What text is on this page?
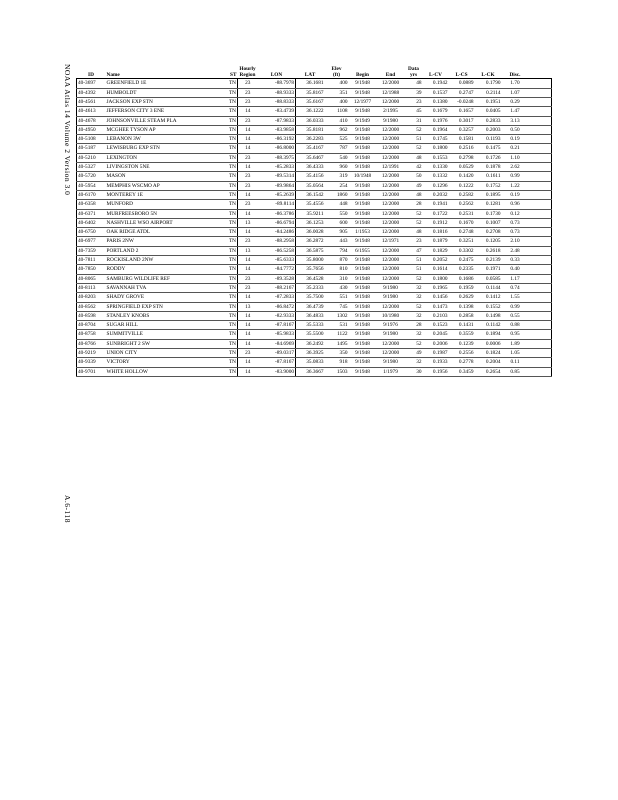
NOAA Atlas 14 Volume 2 Version 3.0
A.6-118
			Hourly			Elev			Data					
ID	Name	ST	Region	LON	LAT	(ft)	Begin	End	yrs	L-CV	L-CS	L-CK	Disc.	
40-3697	GREENFIELD 1E	TN	23	-88.7978	36.1681	400	9/1948	12/2000	48	0.1942	0.0889	0.1790	1.70	
40-4392	HUMBOLDT	TN	23	-88.9333	35.8167	351	9/1948	12/1988	39	0.1537	0.2747	0.2114	1.07	
40-4561	JACKSON EXP STN	TN	23	-88.8333	35.6167	400	12/1977	12/2000	23	0.1380	-0.0248	0.1951	0.29	
40-4613	JEFFERSON CITY 3 ENE	TN	14	-83.4739	36.1222	1108	9/1948	2/1995	45	0.1679	0.1657	0.0405	1.47	
40-4678	JOHNSONVILLE STEAM PLA	TN	23	-87.9833	36.0333	410	9/1949	9/1980	31	0.1976	0.3017	0.2833	3.13	
40-4950	MCGHEE TYSON AP	TN	14	-83.9858	35.8181	962	9/1948	12/2000	52	0.1964	0.3257	0.2003	0.50	
40-5108	LEBANON 3W	TN	14	-86.3192	36.2283	525	9/1948	12/2000	51	0.1745	0.1581	0.1193	0.19	
40-5187	LEWISBURG EXP STN	TN	14	-86.8000	35.4167	787	9/1948	12/2000	52	0.1800	0.2516	0.1475	0.21	
40-5210	LEXINGTON	TN	23	-88.3975	35.6467	540	9/1948	12/2000	48	0.1553	0.2798	0.1726	1.10	
40-5327	LIVINGSTON 5NE	TN	14	-85.2833	36.4333	960	9/1948	12/1991	42	0.1330	0.0529	0.1878	2.62	
40-5720	MASON	TN	23	-89.5314	35.4156	319	10/1948	12/2000	50	0.1332	0.1420	0.1611	0.99	
40-5954	MEMPHIS WSCMO AP	TN	23	-89.9864	35.0564	254	9/1948	12/2000	49	0.1296	0.1222	0.1752	1.22	
40-6170	MONTEREY 1E	TN	14	-85.2639	36.1542	1860	9/1948	12/2000	48	0.2032	0.2582	0.1895	0.19	
40-6358	MUNFORD	TN	23	-89.8114	35.4556	448	9/1948	12/2000	28	0.1941	0.2562	0.1281	0.96	
40-6371	MURFREESBORO 5N	TN	14	-86.3786	35.9211	550	9/1948	12/2000	52	0.1722	0.2531	0.1730	0.12	
40-6402	NASHVILLE WSO AIRPORT	TN	13	-86.6794	36.1253	600	9/1948	12/2000	52	0.1912	0.1670	0.1007	0.73	
40-6750	OAK RIDGE ATDL	TN	14	-84.2486	36.0028	905	1/1953	12/2000	48	0.1816	0.2748	0.2708	0.73	
40-6977	PARIS 2NW	TN	23	-88.2958	36.2872	443	9/1948	12/1971	23	0.1879	0.3251	0.1205	2.10	
40-7359	PORTLAND 2	TN	13	-86.5258	36.5875	794	6/1955	12/2000	47	0.1829	0.3302	0.2618	2.48	
40-7811	ROCKISLAND 2NW	TN	14	-85.6333	35.8000	870	9/1948	12/2000	51	0.2052	0.2475	0.2139	0.33	
40-7850	RODDY	TN	14	-84.7772	35.7656	810	9/1948	12/2000	51	0.1614	0.2335	0.1971	0.40	
40-8065	SAMBURG WILDLIFE REF	TN	23	-89.3528	36.4528	310	9/1948	12/2000	52	0.1800	0.1686	0.0585	1.17	
40-8113	SAVANNAH TVA	TN	23	-88.2167	35.2333	430	9/1948	9/1980	32	0.1965	0.1959	0.1144	0.74	
40-8203	SHADY GROVE	TN	14	-87.2833	35.7500	551	9/1948	9/1980	32	0.1456	0.2629	0.1412	1.55	
40-8562	SPRINGFIELD EXP STN	TN	13	-86.8472	36.4739	745	9/1948	12/2000	52	0.1473	0.1398	0.1552	0.99	
40-8598	STANLEY KNOBS	TN	14	-82.9333	36.4833	1302	9/1948	10/1980	32	0.2103	0.2858	0.1498	0.55	
40-8704	SUGAR HILL	TN	14	-87.8167	35.5333	531	9/1948	9/1976	28	0.1523	0.1431	0.1142	0.88	
40-8758	SUMMITVILLE	TN	14	-85.9833	35.5500	1122	9/1948	9/1980	32	0.2045	0.3559	0.1894	0.95	
40-8766	SUNBRIGHT 2 SW	TN	14	-84.6969	36.2492	1495	9/1948	12/2000	52	0.2006	0.1239	0.0006	1.89	
40-9219	UNION CITY	TN	23	-89.0317	36.3925	350	9/1948	12/2000	49	0.1987	0.2556	0.1824	1.05	
40-9339	VICTORY	TN	14	-87.8167	35.0833	918	9/1948	9/1980	32	0.1933	0.2778	0.2004	0.11	
40-9701	WHITE HOLLOW	TN	14	-83.9000	36.3667	1503	9/1948	1/1979	30	0.1956	0.3459	0.2654	0.85	
